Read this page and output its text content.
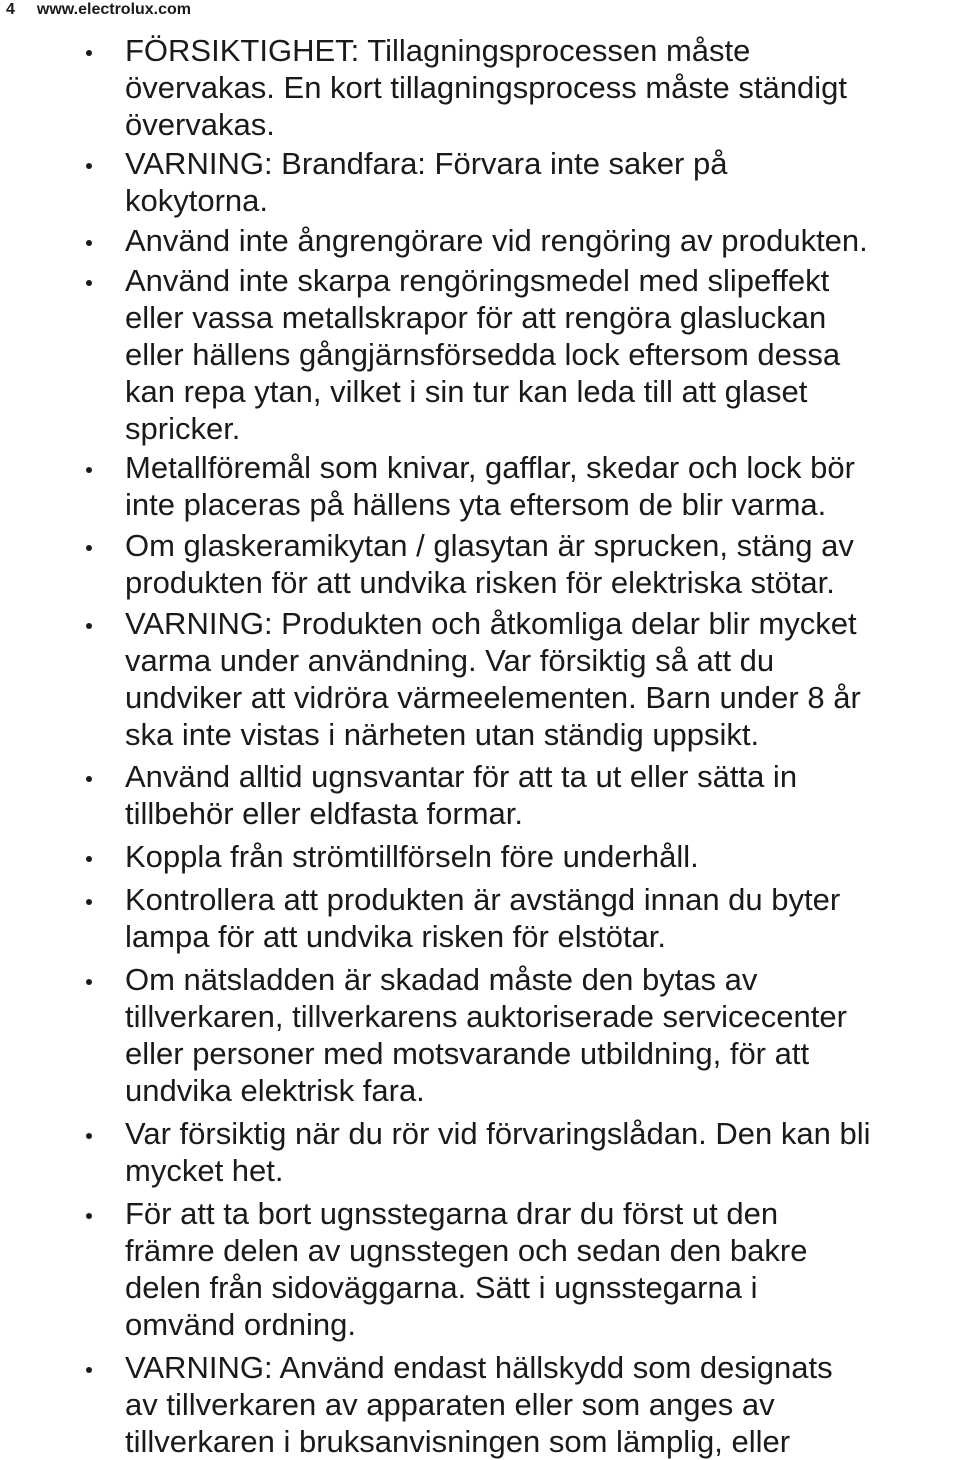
4 www.electrolux.com
FÖRSIKTIGHET: Tillagningsprocessen måste
övervakas. En kort tillagningsprocess måste ständigt
övervakas.
VARNING: Brandfara: Förvara inte saker på
kokytorna.
Använd inte ångrengörare vid rengöring av produkten.
Använd inte skarpa rengöringsmedel med slipeffekt
eller vassa metallskrapor för att rengöra glasluckan
eller hällens gångjärnsförsedda lock eftersom dessa
kan repa ytan, vilket i sin tur kan leda till att glaset
spricker.
Metallföremål som knivar, gafflar, skedar och lock bör
inte placeras på hällens yta eftersom de blir varma.
Om glaskeramikytan / glasytan är sprucken, stäng av
produkten för att undvika risken för elektriska stötar.
VARNING: Produkten och åtkomliga delar blir mycket
varma under användning. Var försiktig så att du
undviker att vidröra värmeelementen. Barn under 8 år
ska inte vistas i närheten utan ständig uppsikt.
Använd alltid ugnsvantar för att ta ut eller sätta in
tillbehör eller eldfasta formar.
Koppla från strömtillförseln före underhåll.
Kontrollera att produkten är avstängd innan du byter
lampa för att undvika risken för elstötar.
Om nätsladden är skadad måste den bytas av
tillverkaren, tillverkarens auktoriserade servicecenter
eller personer med motsvarande utbildning, för att
undvika elektrisk fara.
Var försiktig när du rör vid förvaringslådan. Den kan bli
mycket het.
För att ta bort ugnsstegarna drar du först ut den
främre delen av ugnsstegen och sedan den bakre
delen från sidoväggarna. Sätt i ugnsstegarna i
omvänd ordning.
VARNING: Använd endast hällskydd som designats
av tillverkaren av apparaten eller som anges av
tillverkaren i bruksanvisningen som lämplig, eller
